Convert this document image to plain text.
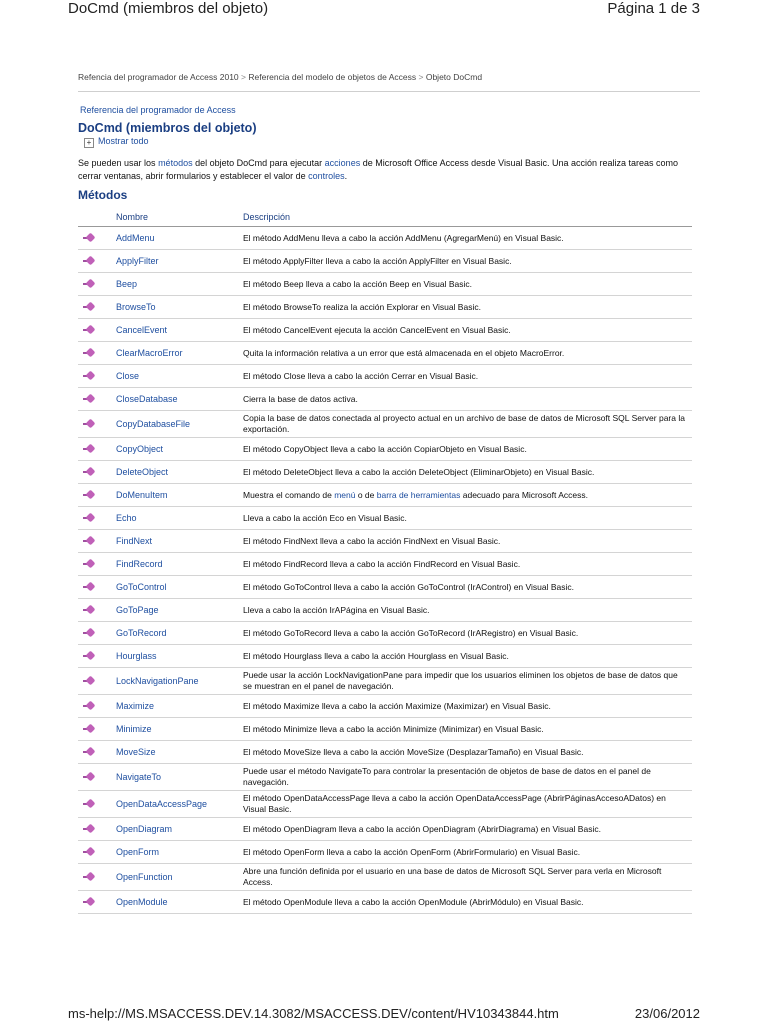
DoCmd (miembros del objeto)	Página 1 de 3
Refencia del programador de Access 2010 > Referencia del modelo de objetos de Access > Objeto DoCmd
Referencia del programador de Access
DoCmd (miembros del objeto)
+ Mostrar todo
Se pueden usar los métodos del objeto DoCmd para ejecutar acciones de Microsoft Office Access desde Visual Basic. Una acción realiza tareas como cerrar ventanas, abrir formularios y establecer el valor de controles.
Métodos
	Nombre	Descripción

	AddMenu	El método AddMenu lleva a cabo la acción AddMenu (AgregarMenú) en Visual Basic.

	ApplyFilter	El método ApplyFilter lleva a cabo la acción ApplyFilter en Visual Basic.

	Beep	El método Beep lleva a cabo la acción Beep en Visual Basic.

	BrowseTo	El método BrowseTo realiza la acción Explorar en Visual Basic.

	CancelEvent	El método CancelEvent ejecuta la acción CancelEvent en Visual Basic.

	ClearMacroError	Quita la información relativa a un error que está almacenada en el objeto MacroError.

	Close	El método Close lleva a cabo la acción Cerrar en Visual Basic.

	CloseDatabase	Cierra la base de datos activa.

	CopyDatabaseFile	Copia la base de datos conectada al proyecto actual en un archivo de base de datos de Microsoft SQL Server para la exportación.

	CopyObject	El método CopyObject lleva a cabo la acción CopiarObjeto en Visual Basic.

	DeleteObject	El método DeleteObject lleva a cabo la acción DeleteObject (EliminarObjeto) en Visual Basic.

	DoMenuItem	Muestra el comando de menú o de barra de herramientas adecuado para Microsoft Access.

	Echo	Lleva a cabo la acción Eco en Visual Basic.

	FindNext	El método FindNext lleva a cabo la acción FindNext en Visual Basic.

	FindRecord	El método FindRecord lleva a cabo la acción FindRecord en Visual Basic.

	GoToControl	El método GoToControl lleva a cabo la acción GoToControl (IrAControl) en Visual Basic.

	GoToPage	Lleva a cabo la acción IrAPágina en Visual Basic.

	GoToRecord	El método GoToRecord lleva a cabo la acción GoToRecord (IrARegistro) en Visual Basic.

	Hourglass	El método Hourglass lleva a cabo la acción Hourglass en Visual Basic.

	LockNavigationPane	Puede usar la acción LockNavigationPane para impedir que los usuarios eliminen los objetos de base de datos que se muestran en el panel de navegación.

	Maximize	El método Maximize lleva a cabo la acción Maximize (Maximizar) en Visual Basic.

	Minimize	El método Minimize lleva a cabo la acción Minimize (Minimizar) en Visual Basic.

	MoveSize	El método MoveSize lleva a cabo la acción MoveSize (DesplazarTamaño) en Visual Basic.

	NavigateTo	Puede usar el método NavigateTo para controlar la presentación de objetos de base de datos en el panel de navegación.

	OpenDataAccessPage	El método OpenDataAccessPage lleva a cabo la acción OpenDataAccessPage (AbrirPáginasAccesoADatos) en Visual Basic.

	OpenDiagram	El método OpenDiagram lleva a cabo la acción OpenDiagram (AbrirDiagrama) en Visual Basic.

	OpenForm	El método OpenForm lleva a cabo la acción OpenForm (AbrirFormulario) en Visual Basic.

	OpenFunction	Abre una función definida por el usuario en una base de datos de Microsoft SQL Server para verla en Microsoft Access.

	OpenModule	El método OpenModule lleva a cabo la acción OpenModule (AbrirMódulo) en Visual Basic.
ms-help://MS.MSACCESS.DEV.14.3082/MSACCESS.DEV/content/HV10343844.htm	23/06/2012
